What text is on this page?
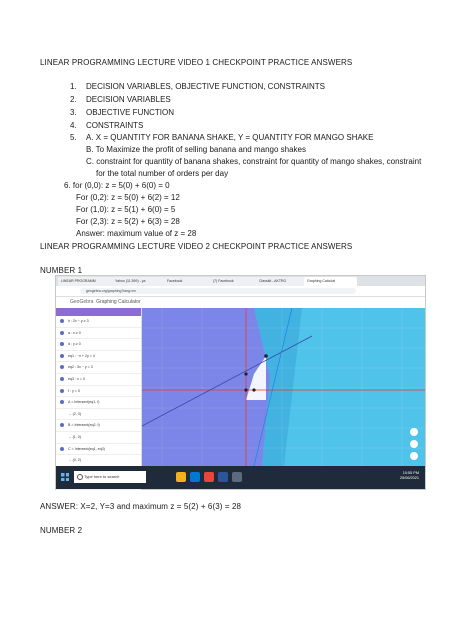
LINEAR PROGRAMMING LECTURE VIDEO 1 CHECKPOINT PRACTICE ANSWERS
1. DECISION VARIABLES, OBJECTIVE FUNCTION, CONSTRAINTS
2. DECISION VARIABLES
3. OBJECTIVE FUNCTION
4. CONSTRAINTS
5. A. X = QUANTITY FOR BANANA SHAKE, Y = QUANTITY FOR MANGO SHAKE
B. To Maximize the profit of selling banana and mango shakes
C. constraint for quantity of banana shakes, constraint for quantity of mango shakes, constraint
for the total number of orders per day
6. for (0,0): z = 5(0) + 6(0) = 0
For (0,2): z = 5(0) + 6(2) = 12
For (1,0): z = 5(1) + 6(0) = 5
For (2,3): z = 5(2) + 6(3) = 28
Answer: maximum value of z = 28
LINEAR PROGRAMMING LECTURE VIDEO 2 CHECKPOINT PRACTICE ANSWERS
NUMBER 1
LINEAR PROGRAMM	Yahoo (11,599) - ya	Facebook	(7) Facebook	Classkit - AKTRO	Graphing Calculat
geogebra.org/graphing?lang=en
GeoGebra Graphing Calculator
h : 2x − y ≥ 3
a : x ≥ 0
d : y ≥ 0
eq1 : −x + 2y = 4
eq2 : 3x − y = 3
eq3 : x = 0
f : y = 0
A = Intersect(eq1, f)
→ (2, 3)
B = Intersect(eq2, f)
→ (1, 0)
C = Intersect(eq1, eq3)
→ (0, 2)
Type here to search
10:55 PM
25/06/2021
ANSWER: X=2, Y=3 and maximum z = 5(2) + 6(3) = 28
NUMBER 2
